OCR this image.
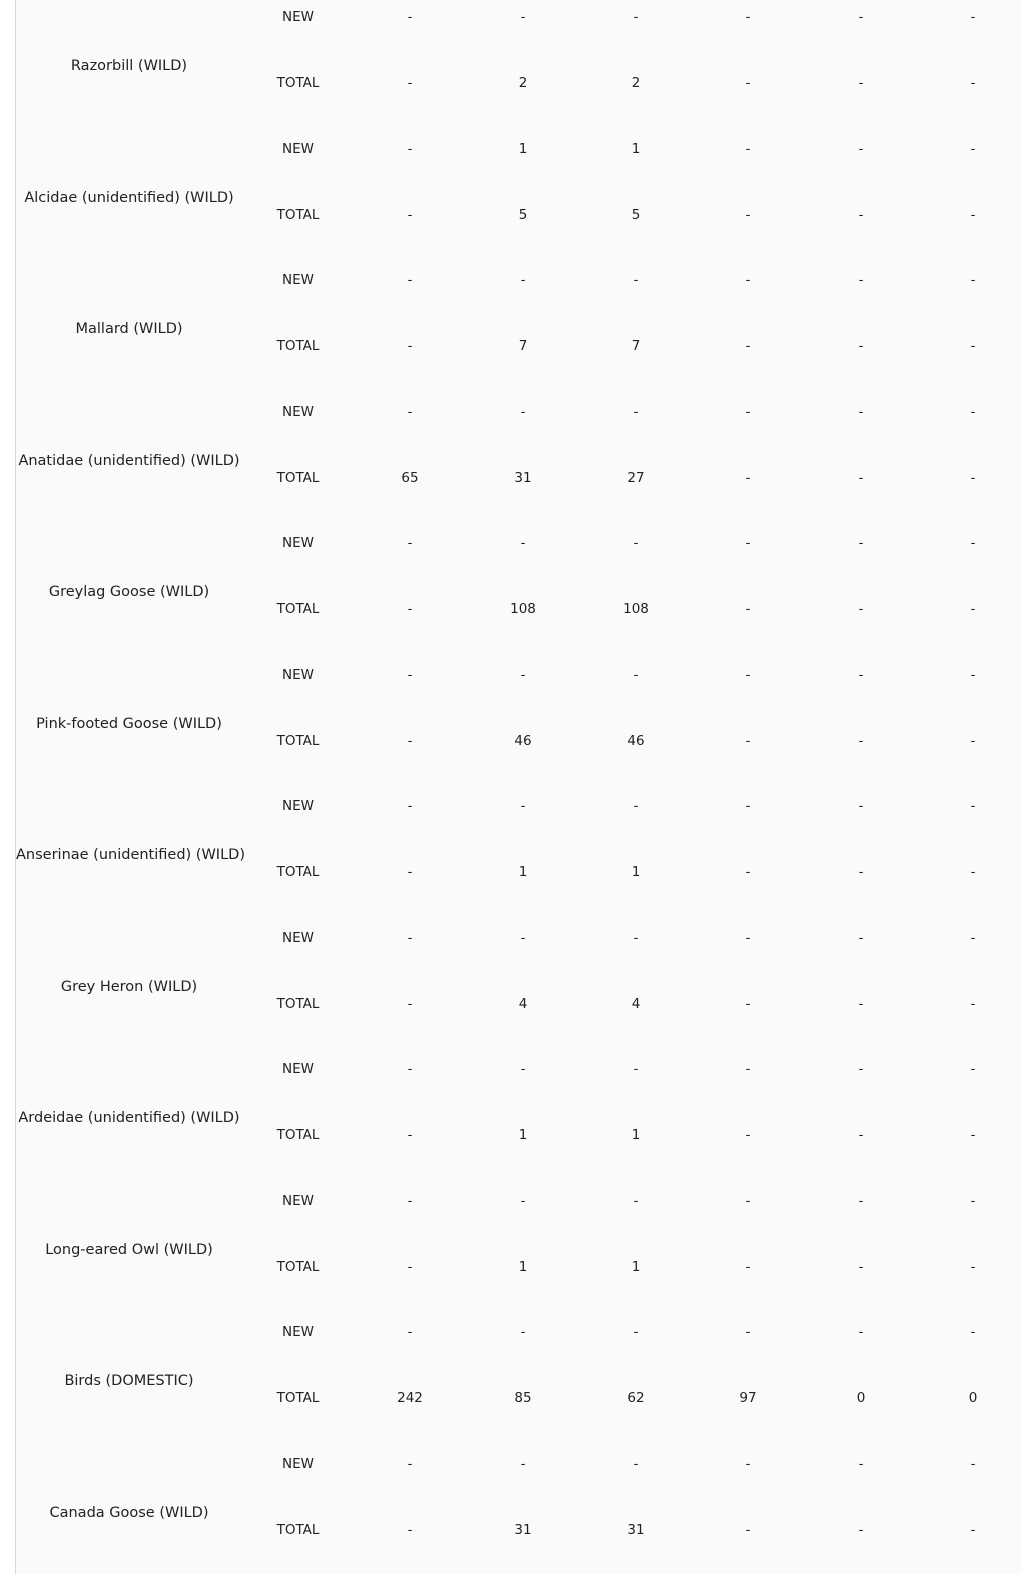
Razorbill (WILD)
NEW	-	-	-	-	-	-
TOTAL	-	2	2	-	-	-
Alcidae (unidentified) (WILD)
NEW	-	1	1	-	-	-
TOTAL	-	5	5	-	-	-
Mallard (WILD)
NEW	-	-	-	-	-	-
TOTAL	-	7	7	-	-	-
Anatidae (unidentified) (WILD)
NEW	-	-	-	-	-	-
TOTAL	65	31	27	-	-	-
Greylag Goose (WILD)
NEW	-	-	-	-	-	-
TOTAL	-	108	108	-	-	-
Pink-footed Goose (WILD)
NEW	-	-	-	-	-	-
TOTAL	-	46	46	-	-	-
Anserinae (unidentified) (WILD)
NEW	-	-	-	-	-	-
TOTAL	-	1	1	-	-	-
Grey Heron (WILD)
NEW	-	-	-	-	-	-
TOTAL	-	4	4	-	-	-
Ardeidae (unidentified) (WILD)
NEW	-	-	-	-	-	-
TOTAL	-	1	1	-	-	-
Long-eared Owl (WILD)
NEW	-	-	-	-	-	-
TOTAL	-	1	1	-	-	-
Birds (DOMESTIC)
NEW	-	-	-	-	-	-
TOTAL	242	85	62	97	0	0
Canada Goose (WILD)
NEW	-	-	-	-	-	-
TOTAL	-	31	31	-	-	-
